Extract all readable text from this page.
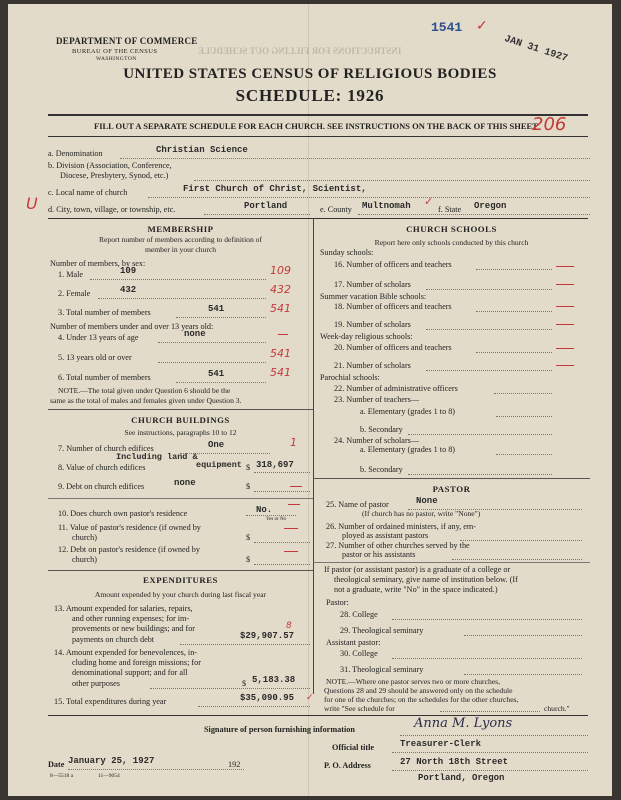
DEPARTMENT OF COMMERCE
BUREAU OF THE CENSUS
WASHINGTON
INSTRUCTIONS FOR FILLING OUT SCHEDULE
1541 ✓
JAN 31 1927
UNITED STATES CENSUS OF RELIGIOUS BODIES
SCHEDULE: 1926
FILL OUT A SEPARATE SCHEDULE FOR EACH CHURCH. SEE INSTRUCTIONS ON THE BACK OF THIS SHEET
206
a. Denomination	Christian Science
b. Division (Association, Conference,
Diocese, Presbytery, Synod, etc.)
c. Local name of church	First Church of Christ, Scientist,
U d. City, town, village, or township, etc.	Portland	e. County Multnomah ✓
f. State Oregon
MEMBERSHIP
Report number of members according to definition of
member in your church
Number of members, by sex:
1. Male	109	109
2. Female	432	432
3. Total number of members	541	541
Number of members under and over 13 years old:
4. Under 13 years of age	none
5. 13 years old or over	541
6. Total number of members	541	541
NOTE.—The total given under Question 6 should be the
same as the total of males and females given under Question 3.
CHURCH BUILDINGS
See instructions, paragraphs 10 to 12
7. Number of church edifices	One	1
Including land &
8. Value of church edifices	equipment $ 318,697
9. Debt on church edifices	none	$
10. Does church own pastor's residence	No.
Yes or No
11. Value of pastor's residence (if owned by
church)	$
12. Debt on pastor's residence (if owned by
church)	$
EXPENDITURES
Amount expended by your church during last fiscal year
13. Amount expended for salaries, repairs,
and other running expenses; for im-
provements or new buildings; and for
payments on church debt	$29,907.57
8
14. Amount expended for benevolences, in-
cluding home and foreign missions; for
denominational support; and for all
other purposes	$ 5,183.38
15. Total expenditures during year	$35,090.95 ✓
CHURCH SCHOOLS
Report here only schools conducted by this church
Sunday schools:
16. Number of officers and teachers
17. Number of scholars
Summer vacation Bible schools:
18. Number of officers and teachers
19. Number of scholars
Week-day religious schools:
20. Number of officers and teachers
21. Number of scholars
Parochial schools:
22. Number of administrative officers
23. Number of teachers—
a. Elementary (grades 1 to 8)
b. Secondary
24. Number of scholars—
a. Elementary (grades 1 to 8)
b. Secondary
PASTOR
25. Name of pastor	None
(If church has no pastor, write "None")
26. Number of ordained ministers, if any, em-
ployed as assistant pastors
27. Number of other churches served by the
pastor or his assistants
If pastor (or assistant pastor) is a graduate of a college or
theological seminary, give name of institution below. (If
not a graduate, write "No" in the space indicated.)
Pastor:
28. College
29. Theological seminary
Assistant pastor:
30. College
31. Theological seminary
NOTE.—Where one pastor serves two or more churches,
Questions 28 and 29 should be answered only on the schedule
for one of the churches; on the schedules for the other churches,
write "See schedule for	church."
Signature of person furnishing information	Anna M. Lyons
Official title	Treasurer-Clerk
Date January 25, 1927	192	P. O. Address	27 North 18th Street
Portland, Oregon
8—5518 a	11—9054
